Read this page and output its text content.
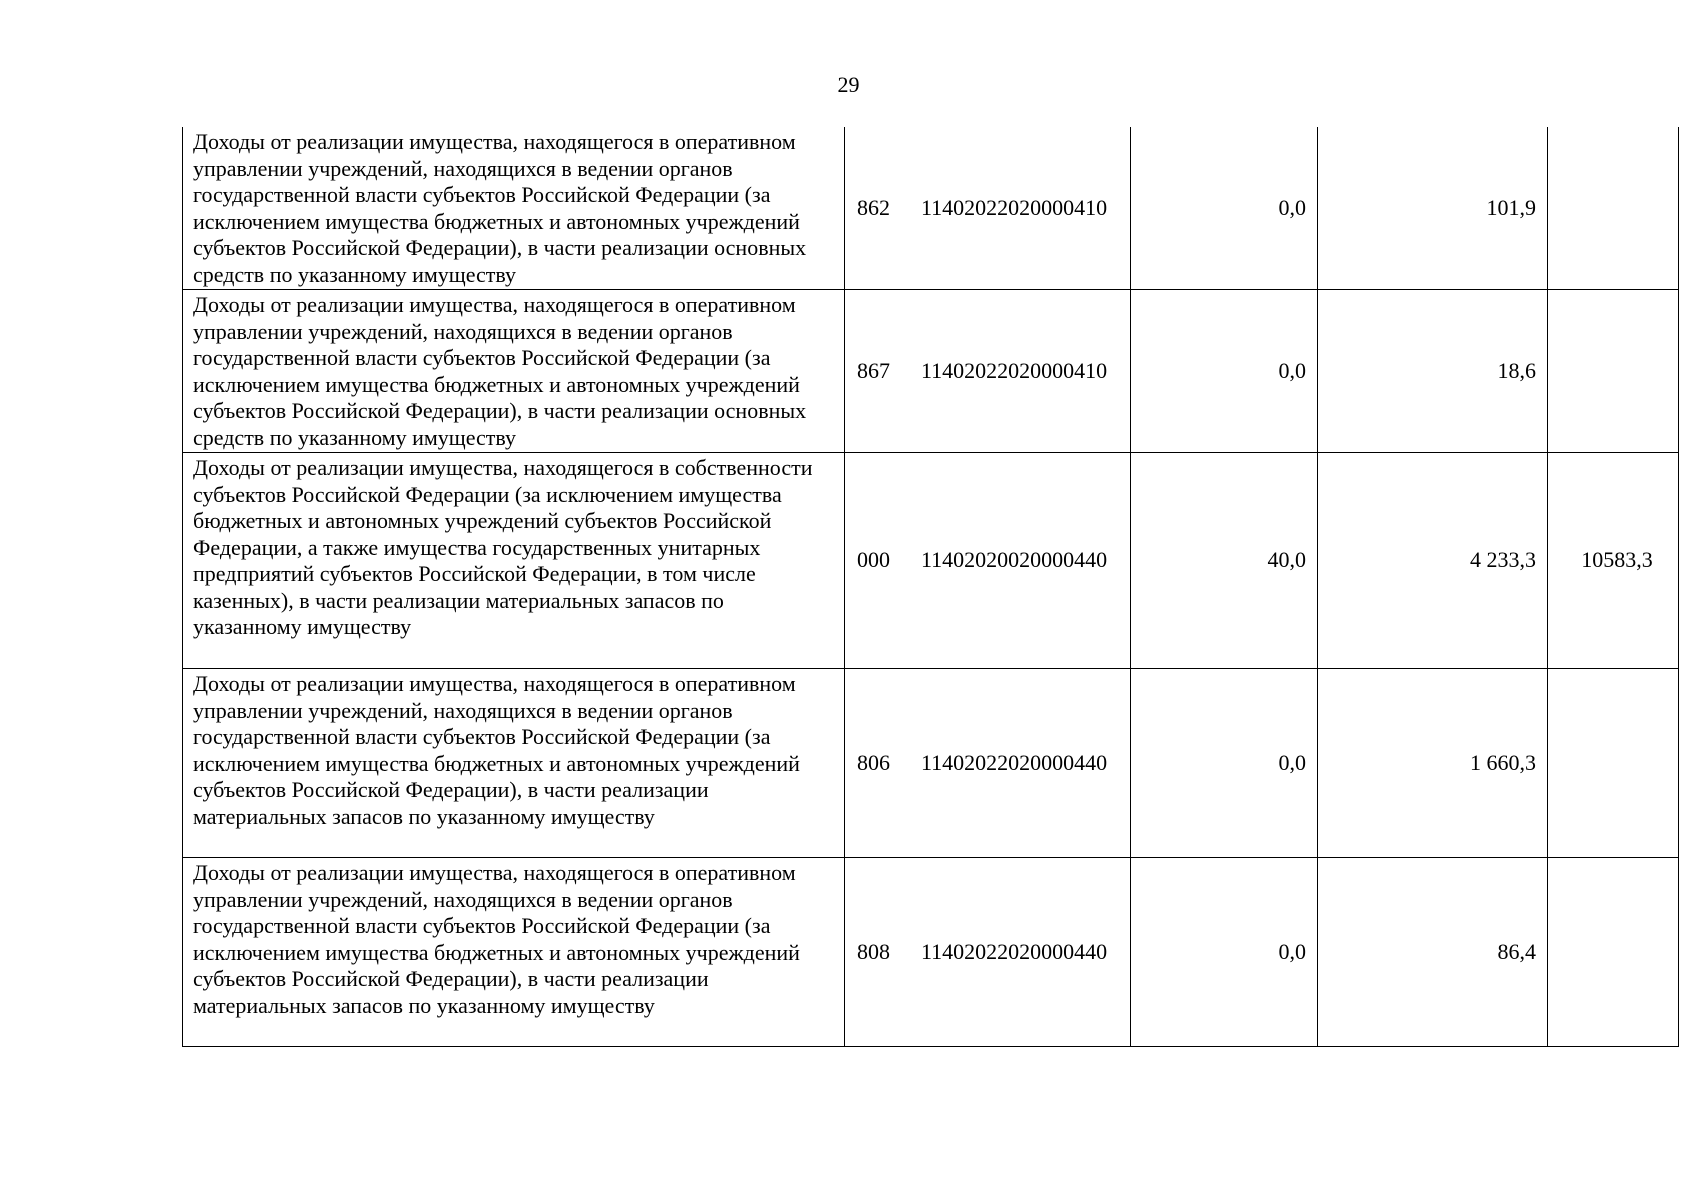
29
Доходы от реализации имущества, находящегося в оперативном управлении учреждений, находящихся в ведении органов государственной власти субъектов Российской Федерации (за исключением имущества бюджетных и автономных учреждений субъектов Российской Федерации), в части реализации основных средств по указанному имуществу	862 11402022020000410	0,0	101,9	
Доходы от реализации имущества, находящегося в оперативном управлении учреждений, находящихся в ведении органов государственной власти субъектов Российской Федерации (за исключением имущества бюджетных и автономных учреждений субъектов Российской Федерации), в части реализации основных средств по указанному имуществу	867 11402022020000410	0,0	18,6	
Доходы от реализации имущества, находящегося в собственности субъектов Российской Федерации (за исключением имущества бюджетных и автономных учреждений субъектов Российской Федерации, а также имущества государственных унитарных предприятий субъектов Российской Федерации, в том числе казенных), в части реализации материальных запасов по указанному имуществу	000 11402020020000440	40,0	4 233,3	10583,3
Доходы от реализации имущества, находящегося в оперативном управлении учреждений, находящихся в ведении органов государственной власти субъектов Российской Федерации (за исключением имущества бюджетных и автономных учреждений субъектов Российской Федерации), в части реализации материальных запасов по указанному имуществу	806 11402022020000440	0,0	1 660,3	
Доходы от реализации имущества, находящегося в оперативном управлении учреждений, находящихся в ведении органов государственной власти субъектов Российской Федерации (за исключением имущества бюджетных и автономных учреждений субъектов Российской Федерации), в части реализации материальных запасов по указанному имуществу	808 11402022020000440	0,0	86,4	
